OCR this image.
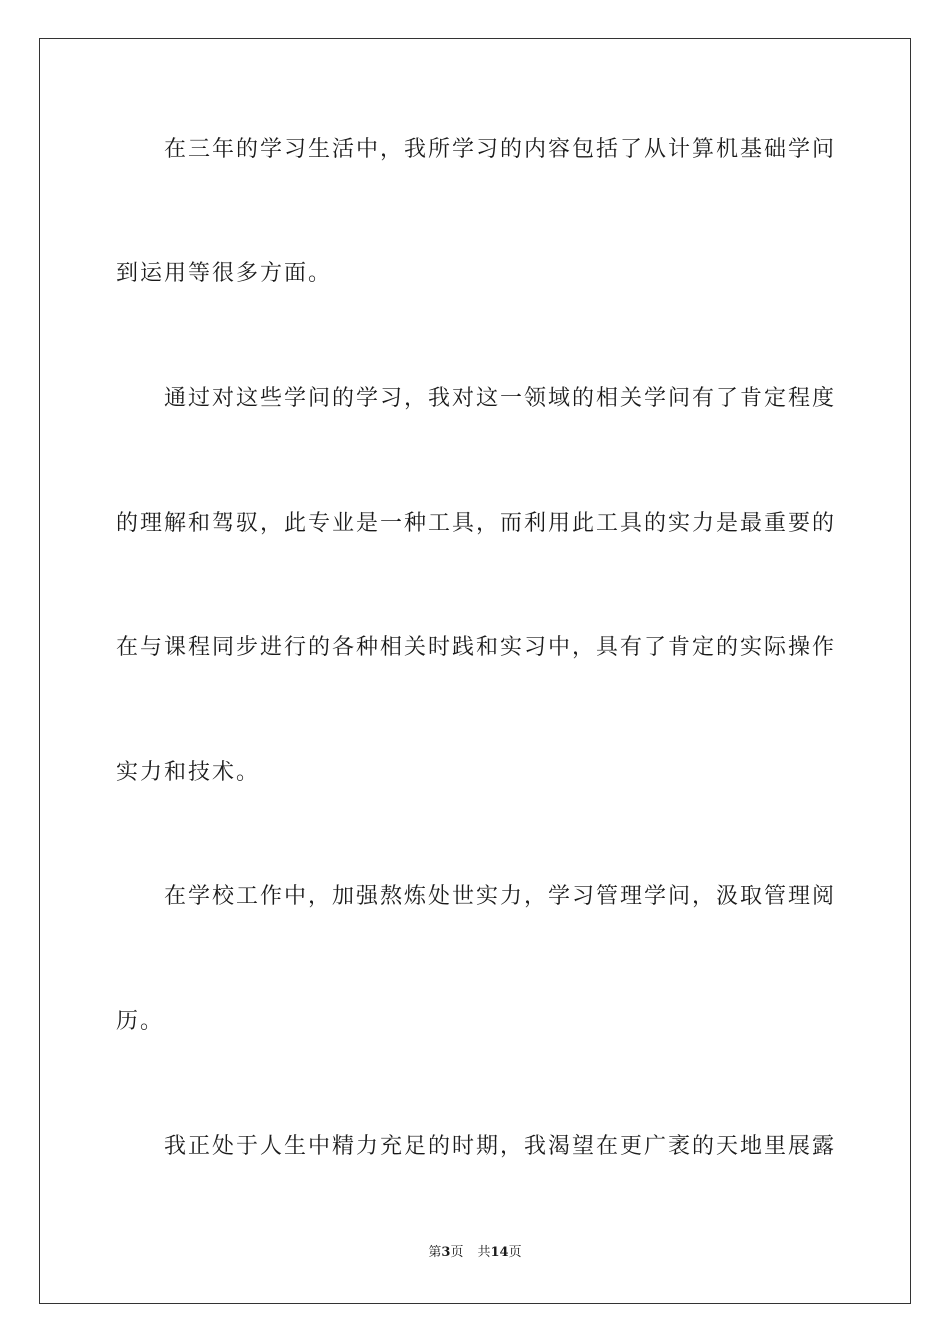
在三年的学习生活中，我所学习的内容包括了从计算机基础学问
到运用等很多方面。
通过对这些学问的学习，我对这一领域的相关学问有了肯定程度
的理解和驾驭，此专业是一种工具，而利用此工具的实力是最重要的
在与课程同步进行的各种相关时践和实习中，具有了肯定的实际操作
实力和技术。
在学校工作中，加强熬炼处世实力，学习管理学问，汲取管理阅
历。
我正处于人生中精力充足的时期，我渴望在更广袤的天地里展露
第3页 共14页
